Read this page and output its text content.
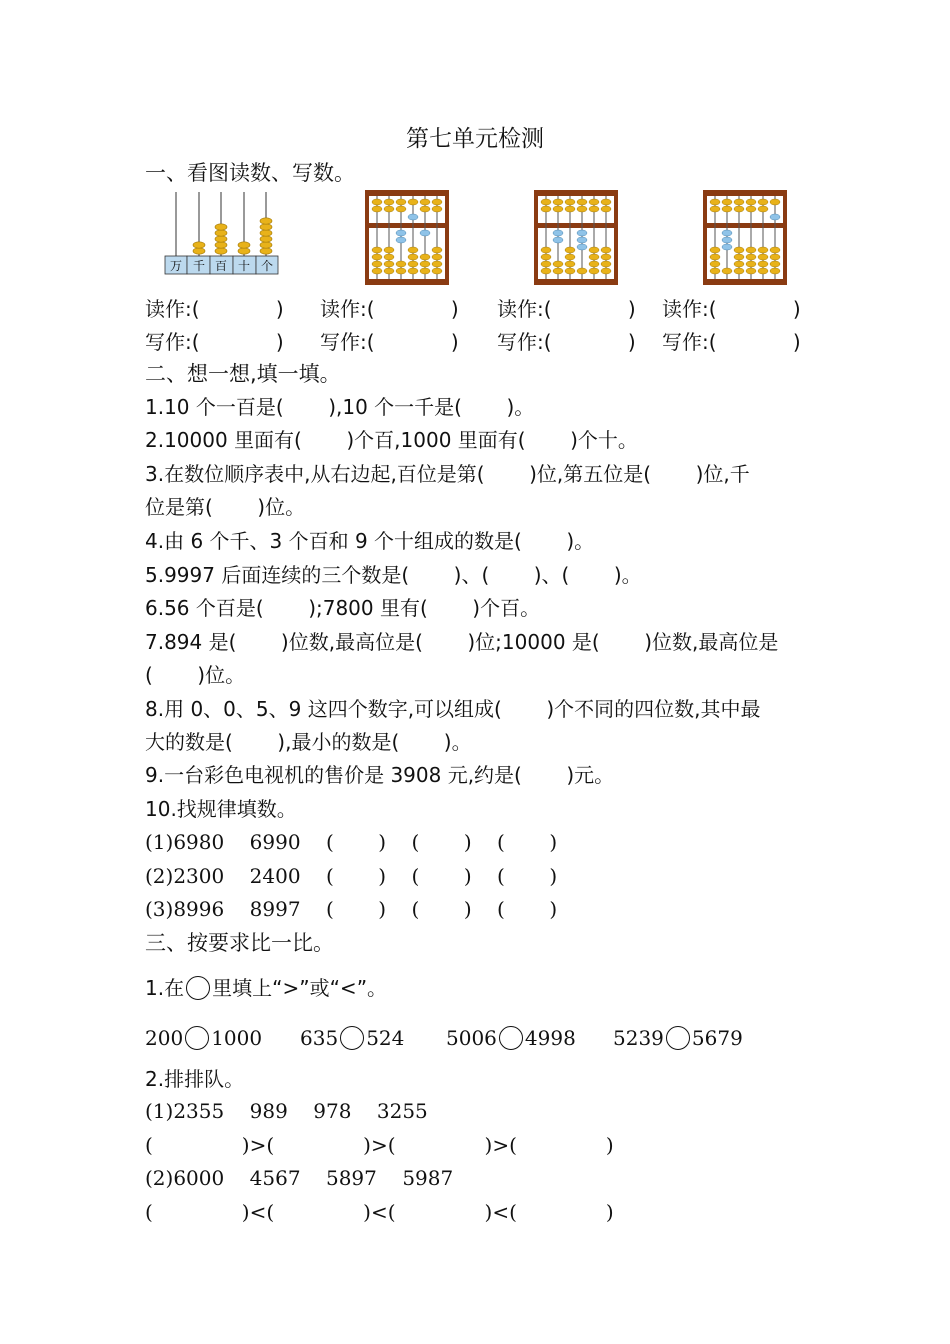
第七单元检测
一、看图读数、写数。
万 千 百 十 个
读作:(            ) 读作:(            ) 读作:(            ) 读作:(            )
写作:(            ) 写作:(            ) 写作:(            ) 写作:(            )
二、想一想,填一填。
1.10 个一百是(       ),10 个一千是(       )。
2.10000 里面有(       )个百,1000 里面有(       )个十。
3.在数位顺序表中,从右边起,百位是第(       )位,第五位是(       )位,千
位是第(       )位。
4.由 6 个千、3 个百和 9 个十组成的数是(       )。
5.9997 后面连续的三个数是(       )、(       )、(       )。
6.56 个百是(       );7800 里有(       )个百。
7.894 是(       )位数,最高位是(       )位;10000 是(       )位数,最高位是
(       )位。
8.用 0、0、5、9 这四个数字,可以组成(       )个不同的四位数,其中最
大的数是(       ),最小的数是(       )。
9.一台彩色电视机的售价是 3908 元,约是(       )元。
10.找规律填数。
(1)6980    6990    (       )    (       )    (       )
(2)2300    2400    (       )    (       )    (       )
(3)8996    8997    (       )    (       )    (       )
三、按要求比一比。
1.在 里填上“>”或“<”。
200 1000 635 524 5006 4998 5239 5679
2.排排队。
(1)2355    989    978    3255
(              )>(              )>(              )>(              )
(2)6000    4567    5897    5987
(              )<(              )<(              )<(              )
